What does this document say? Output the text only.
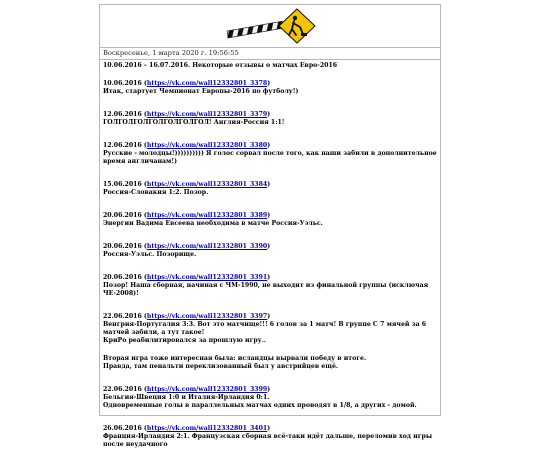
Воскресенье, 1 марта 2020 г. 19:56:55

10.06.2016 – 16.07.2016. Некоторые отзывы о матчах Евро-2016

10.06.2016 (https://vk.com/wall12332801_3378)

Итак, стартует Чемпионат Европы-2016 по футболу!)

12.06.2016 (https://vk.com/wall12332801_3379)

ГОЛГОЛГОЛГОЛГОЛГОЛГОЛ! Англия-Россия 1:1!

12.06.2016 (https://vk.com/wall12332801_3380)

Русские - молодцы!)))))))))) Я голос сорвал после того, как наши забили в дополнительное время англичанам!)

15.06.2016 (https://vk.com/wall12332801_3384)

Россия-Словакия 1:2. Позор.

20.06.2016 (https://vk.com/wall12332801_3389)

Энергии Вадима Евсеева необходима в матче Россия-Уэльс.

20.06.2016 (https://vk.com/wall12332801_3390)

Россия-Уэльс. Позорище.

20.06.2016 (https://vk.com/wall12332801_3391)

Позор! Наша сборная, начиная с ЧМ-1990, не выходит из финальной группы (исключая ЧЕ-2008)!

22.06.2016 (https://vk.com/wall12332801_3397)

Венгрия-Португалия 3:3. Вот это матчище!!! 6 голов за 1 матч! В группе С 7 мячей за 6 матчей забили, а тут такое!

КриРо реабилитировался за прошлую игру..

Вторая игра тоже интересная была: исландцы вырвали победу в итоге.

Правда, там пенальти переклизованный был у австрийцев ещё.

22.06.2016 (https://vk.com/wall12332801_3399)

Бельгия-Швеция 1:0 и Италия-Ирландия 0:1.

Одновременные голы в параллельных матчах одних проводят в 1/8, а других - домой.

26.06.2016 (https://vk.com/wall12332801_3401)

Франция-Ирландия 2:1. Французская сборная всё-таки идёт дальше, переломив ход игры после неудачного
